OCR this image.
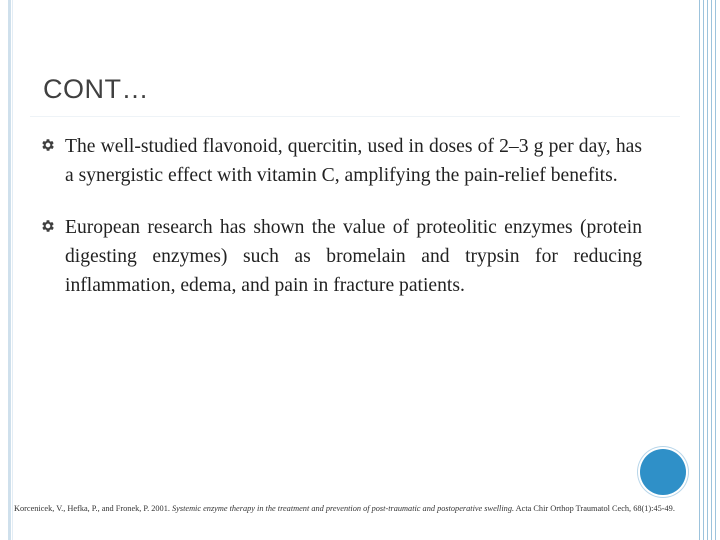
CONT…
The well‐studied flavonoid, quercitin, used in doses of 2–3 g per day, has a synergistic effect with vitamin C, amplifying the pain‐relief benefits.
European research has shown the value of proteolitic enzymes (protein digesting enzymes) such as bromelain and trypsin for reducing inflammation, edema, and pain in fracture patients.
Korcenicek, V., Hefka, P., and Fronek, P. 2001. Systemic enzyme therapy in the treatment and prevention of post-traumatic and postoperative swelling. Acta Chir Orthop Traumatol Cech, 68(1):45-49.
